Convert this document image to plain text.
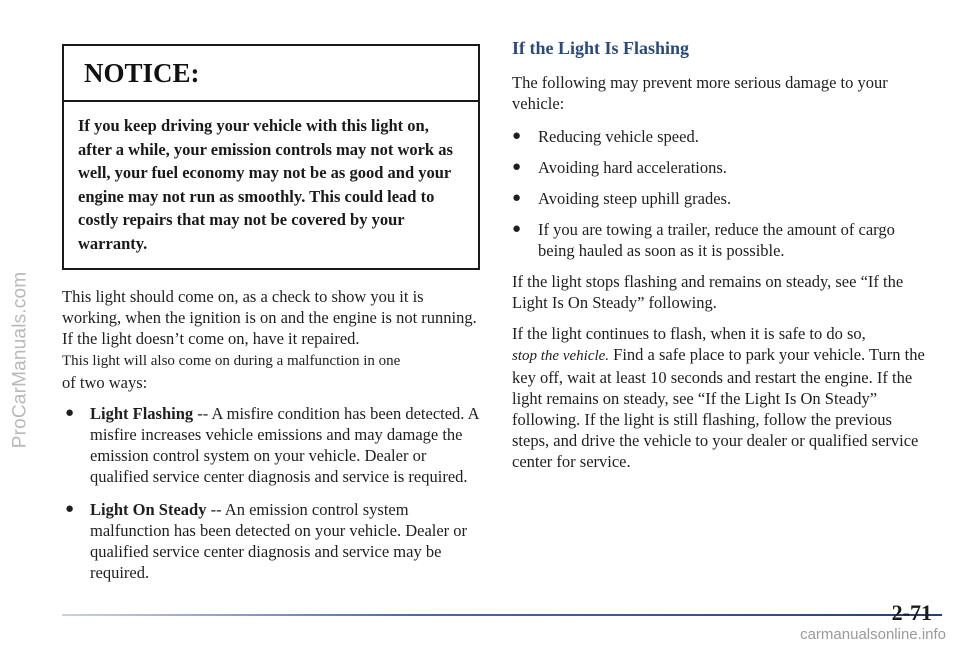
ProCarManuals.com
NOTICE:
If you keep driving your vehicle with this light on, after a while, your emission controls may not work as well, your fuel economy may not be as good and your engine may not run as smoothly. This could lead to costly repairs that may not be covered by your warranty.

This light should come on, as a check to show you it is working, when the ignition is on and the engine is not running. If the light doesn’t come on, have it repaired.

This light will also come on during a malfunction in one
of two ways:

● Light Flashing -- A misfire condition has been detected. A misfire increases vehicle emissions and may damage the emission control system on your vehicle. Dealer or qualified service center diagnosis and service is required.
● Light On Steady -- An emission control system malfunction has been detected on your vehicle. Dealer or qualified service center diagnosis and service may be required.
If the Light Is Flashing

The following may prevent more serious damage to your vehicle:

● Reducing vehicle speed.
● Avoiding hard accelerations.
● Avoiding steep uphill grades.
● If you are towing a trailer, reduce the amount of cargo being hauled as soon as it is possible.

If the light stops flashing and remains on steady, see “If the Light Is On Steady” following.

If the light continues to flash, when it is safe to do so,
stop the vehicle. Find a safe place to park your vehicle. Turn the key off, wait at least 10 seconds and restart the engine. If the light remains on steady, see “If the Light Is On Steady” following. If the light is still flashing, follow the previous steps, and drive the vehicle to your dealer or qualified service center for service.

2-71
carmanualsonline.info
